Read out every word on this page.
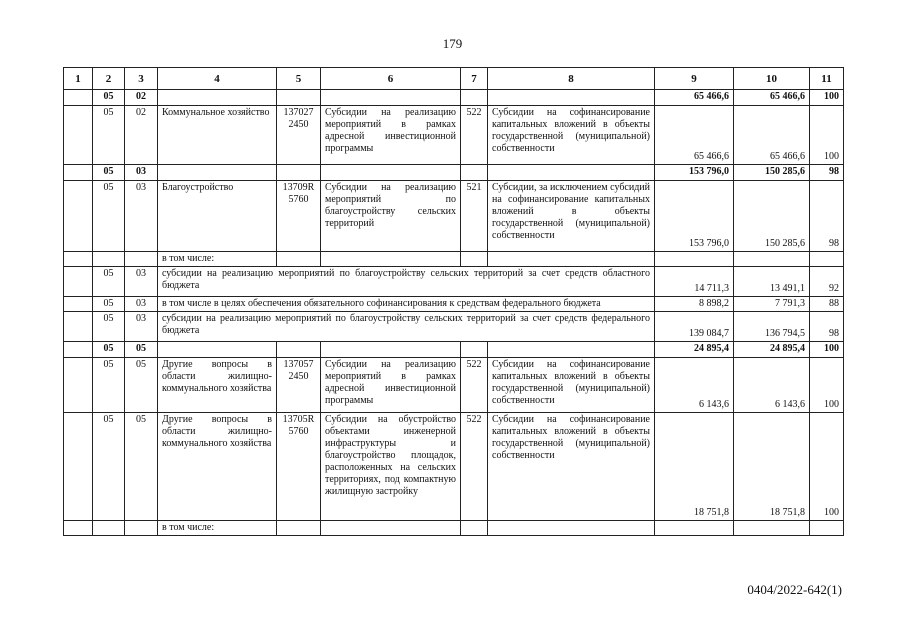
179
1	2	3	4	5	6	7	8	9	10	11
	05	02						65 466,6	65 466,6	100
	05	02	Коммунальное хозяйство	137027 2450	Субсидии на реализацию мероприятий в рамках адресной инвестиционной программы	522	Субсидии на софинансирование капитальных вложений в объекты государственной (муниципальной) собственности	65 466,6	65 466,6	100
	05	03						153 796,0	150 285,6	98
	05	03	Благоустройство	13709R 5760	Субсидии на реализацию мероприятий по благоустройству сельских территорий	521	Субсидии, за исключением субсидий на софинансирование капитальных вложений в объекты государственной (муниципальной) собственности	153 796,0	150 285,6	98
			в том числе:							
	05	03	субсидии на реализацию мероприятий по благоустройству сельских территорий за счет средств областного бюджета					14 711,3	13 491,1	92
	05	03	в том числе в целях обеспечения обязательного софинансирования к средствам федерального бюджета					8 898,2	7 791,3	88
	05	03	субсидии на реализацию мероприятий по благоустройству сельских территорий за счет средств федерального бюджета					139 084,7	136 794,5	98
	05	05						24 895,4	24 895,4	100
	05	05	Другие вопросы в области жилищно-коммунального хозяйства	137057 2450	Субсидии на реализацию мероприятий в рамках адресной инвестиционной программы	522	Субсидии на софинансирование капитальных вложений в объекты государственной (муниципальной) собственности	6 143,6	6 143,6	100
	05	05	Другие вопросы в области жилищно-коммунального хозяйства	13705R 5760	Субсидии на обустройство объектами инженерной инфраструктуры и благоустройство площадок, расположенных на сельских территориях, под компактную жилищную застройку	522	Субсидии на софинансирование капитальных вложений в объекты государственной (муниципальной) собственности	18 751,8	18 751,8	100
			в том числе:							
0404/2022-642(1)
